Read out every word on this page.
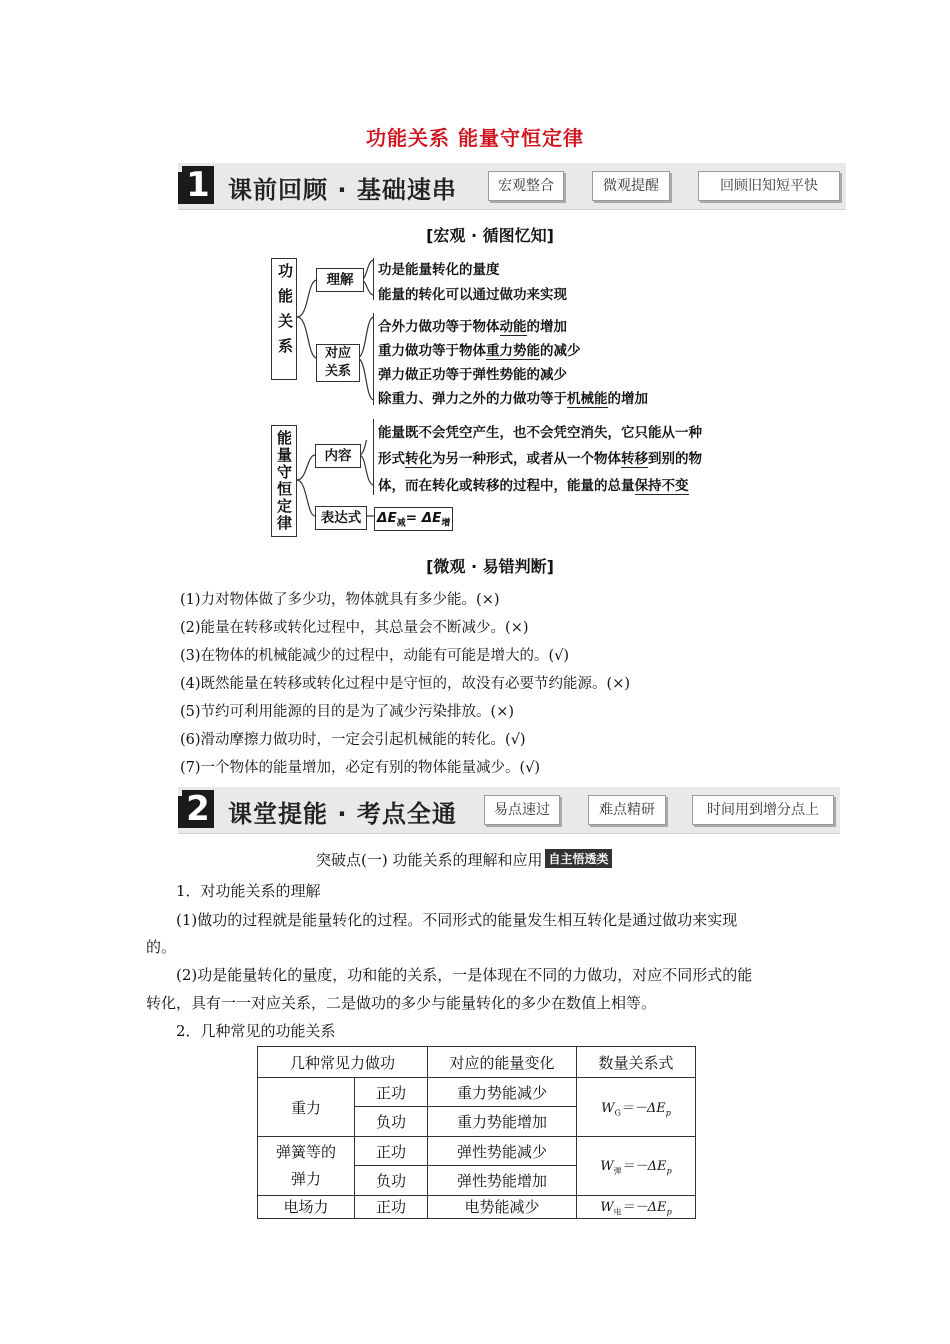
功能关系 能量守恒定律
1 课前回顾 · 基础速串	宏观整合	微观提醒	回顾旧知短平快
[宏观 · 循图忆知]
功能关系	理解
对应关系
功是能量转化的量度
能量的转化可以通过做功来实现
合外力做功等于物体动能的增加
重力做功等于物体重力势能的减少
弹力做正功等于弹性势能的减少
除重力、弹力之外的力做功等于机械能的增加
能量守恒定律	内容
表达式
能量既不会凭空产生，也不会凭空消失，它只能从一种
形式转化为另一种形式，或者从一个物体转移到别的物
体，而在转化或转移的过程中，能量的总量保持不变
$\Delta E_减= \Delta E_增$
[微观 · 易错判断]
(1)力对物体做了多少功，物体就具有多少能。(×)
(2)能量在转移或转化过程中，其总量会不断减少。(×)
(3)在物体的机械能减少的过程中，动能有可能是增大的。(√)
(4)既然能量在转移或转化过程中是守恒的，故没有必要节约能源。(×)
(5)节约可利用能源的目的是为了减少污染排放。(×)
(6)滑动摩擦力做功时，一定会引起机械能的转化。(√)
(7)一个物体的能量增加，必定有别的物体能量减少。(√)
2 课堂提能 · 考点全通	易点速过	难点精研	时间用到增分点上
突破点(一) 功能关系的理解和应用 自主悟透类
1．对功能关系的理解
(1)做功的过程就是能量转化的过程。不同形式的能量发生相互转化是通过做功来实现
的。
(2)功是能量转化的量度，功和能的关系，一是体现在不同的力做功，对应不同形式的能
转化，具有一一对应关系，二是做功的多少与能量转化的多少在数值上相等。
2．几种常见的功能关系
几种常见力做功		对应的能量变化	数量关系式
重力	正功	重力势能减少	$W_G=-\Delta E_p$
	负功	重力势能增加	
弹簧等的弹力	正功	弹性势能减少	$W_弹=-\Delta E_p$
	负功	弹性势能增加	
电场力	正功	电势能减少	$W_电=-\Delta E_p$
